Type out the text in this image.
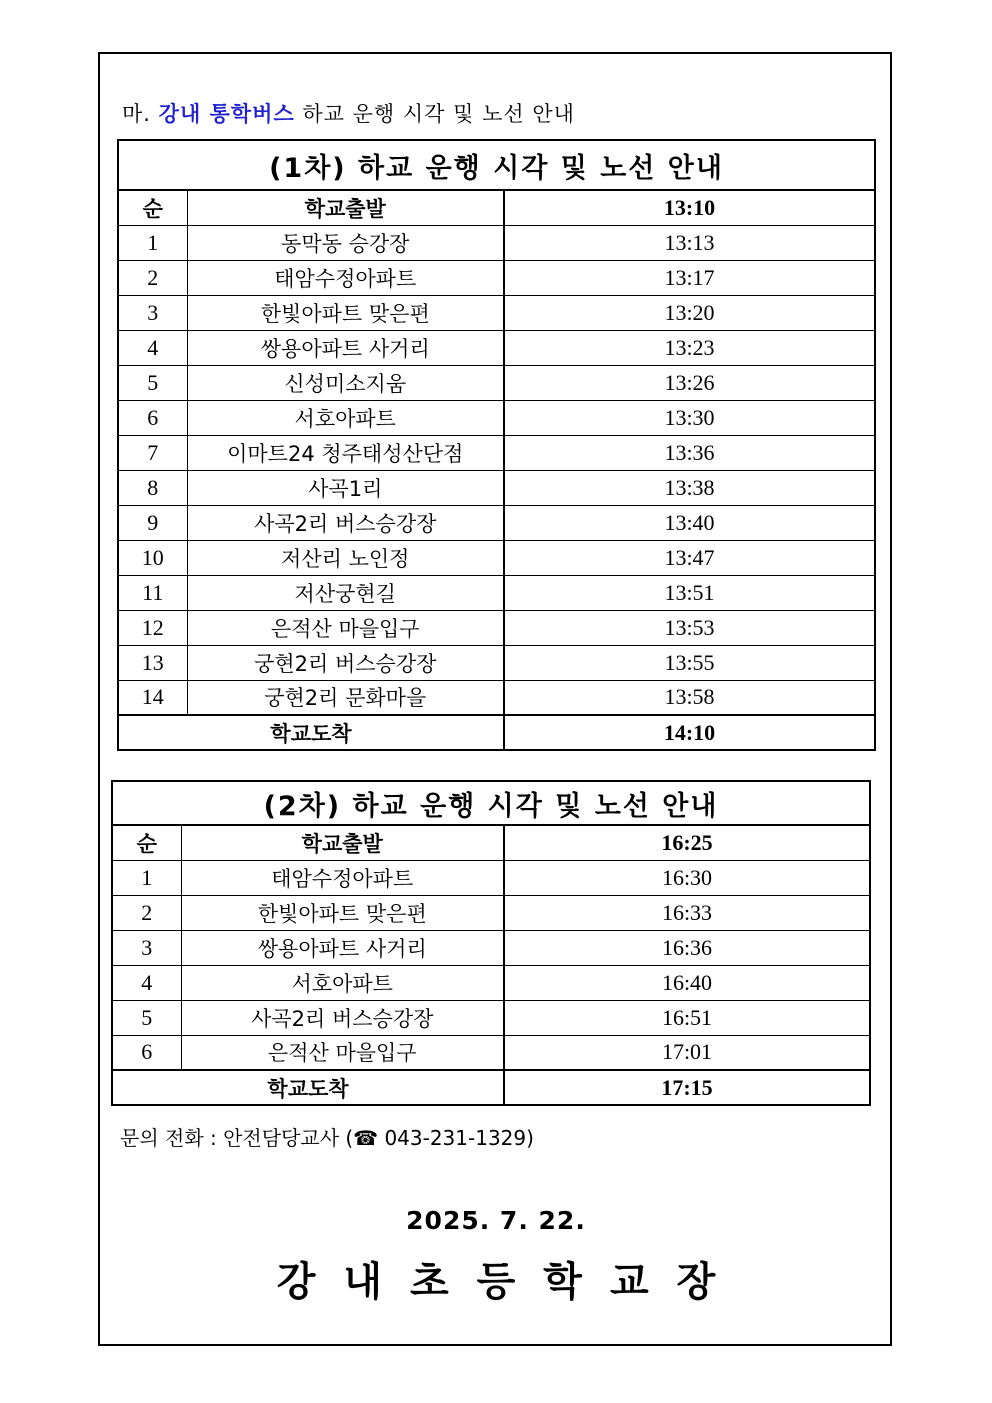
마. 강내 통학버스 하교 운행 시각 및 노선 안내
(1차) 하교 운행 시각 및 노선 안내		
순	학교출발	13:10
1	동막동 승강장	13:13
2	태암수정아파트	13:17
3	한빛아파트 맞은편	13:20
4	쌍용아파트 사거리	13:23
5	신성미소지움	13:26
6	서호아파트	13:30
7	이마트24 청주태성산단점	13:36
8	사곡1리	13:38
9	사곡2리 버스승강장	13:40
10	저산리 노인정	13:47
11	저산궁현길	13:51
12	은적산 마을입구	13:53
13	궁현2리 버스승강장	13:55
14	궁현2리 문화마을	13:58
학교도착		14:10
(2차) 하교 운행 시각 및 노선 안내		
순	학교출발	16:25
1	태암수정아파트	16:30
2	한빛아파트 맞은편	16:33
3	쌍용아파트 사거리	16:36
4	서호아파트	16:40
5	사곡2리 버스승강장	16:51
6	은적산 마을입구	17:01
학교도착		17:15
문의 전화 : 안전담당교사 (☎ 043-231-1329)
2025. 7. 22.
강내초등학교장
